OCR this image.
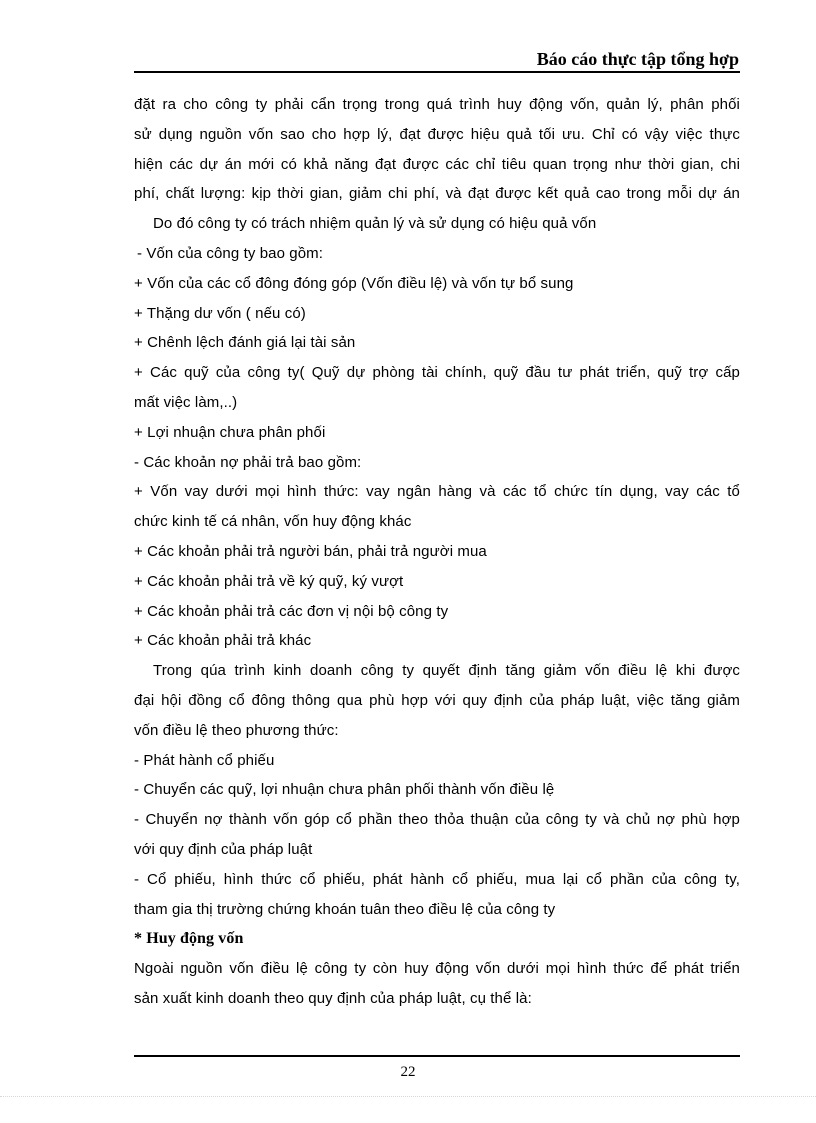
Báo cáo thực tập tổng hợp

đặt ra cho công ty phải cẩn trọng trong quá trình huy động vốn, quản lý, phân phối

sử dụng nguồn vốn sao cho hợp lý, đạt được hiệu quả tối ưu. Chỉ có vậy việc thực

hiện các dự án mới có khả năng đạt được các chỉ tiêu quan trọng như thời gian, chi

phí, chất lượng: kịp thời gian, giảm chi phí, và đạt được kết quả cao trong mỗi dự án

Do đó công ty có trách nhiệm quản lý và sử dụng có hiệu quả vốn

- Vốn của công ty bao gồm:

+ Vốn của các cổ đông đóng góp (Vốn điều lệ) và vốn tự bổ sung

+ Thặng dư vốn ( nếu có)

+ Chênh lệch đánh giá lại tài sản

+ Các quỹ của công ty( Quỹ dự phòng tài chính, quỹ đầu tư phát triển, quỹ trợ cấp

mất việc làm,..)

+ Lợi nhuận chưa phân phối

- Các khoản nợ phải trả bao gồm:

+ Vốn vay dưới mọi hình thức: vay ngân hàng và các tổ chức tín dụng, vay các tổ

chức kinh tế cá nhân, vốn huy động khác

+ Các khoản phải trả người bán, phải trả người mua

+ Các khoản phải trả về ký quỹ, ký vượt

+ Các khoản phải trả các đơn vị nội bộ công ty

+ Các khoản phải trả khác

Trong qúa trình kinh doanh công ty quyết định tăng giảm vốn điều lệ khi được

đại hội đồng cổ đông thông qua phù hợp với quy định của pháp luật, việc tăng giảm

vốn điều lệ theo phương thức:

- Phát hành cổ phiếu

- Chuyển các quỹ, lợi nhuận chưa phân phối thành vốn điều lệ

- Chuyển nợ thành vốn góp cổ phần theo thỏa thuận của công ty và chủ nợ phù hợp

với quy định của pháp luật

- Cổ phiếu, hình thức cổ phiếu, phát hành cổ phiếu, mua lại cổ phần của công ty,

tham gia thị trường chứng khoán tuân theo điều lệ của công ty

* Huy động vốn

Ngoài nguồn vốn điều lệ công ty còn huy động vốn dưới mọi hình thức để phát triển

sản xuất kinh doanh theo quy định của pháp luật, cụ thể là:

22
